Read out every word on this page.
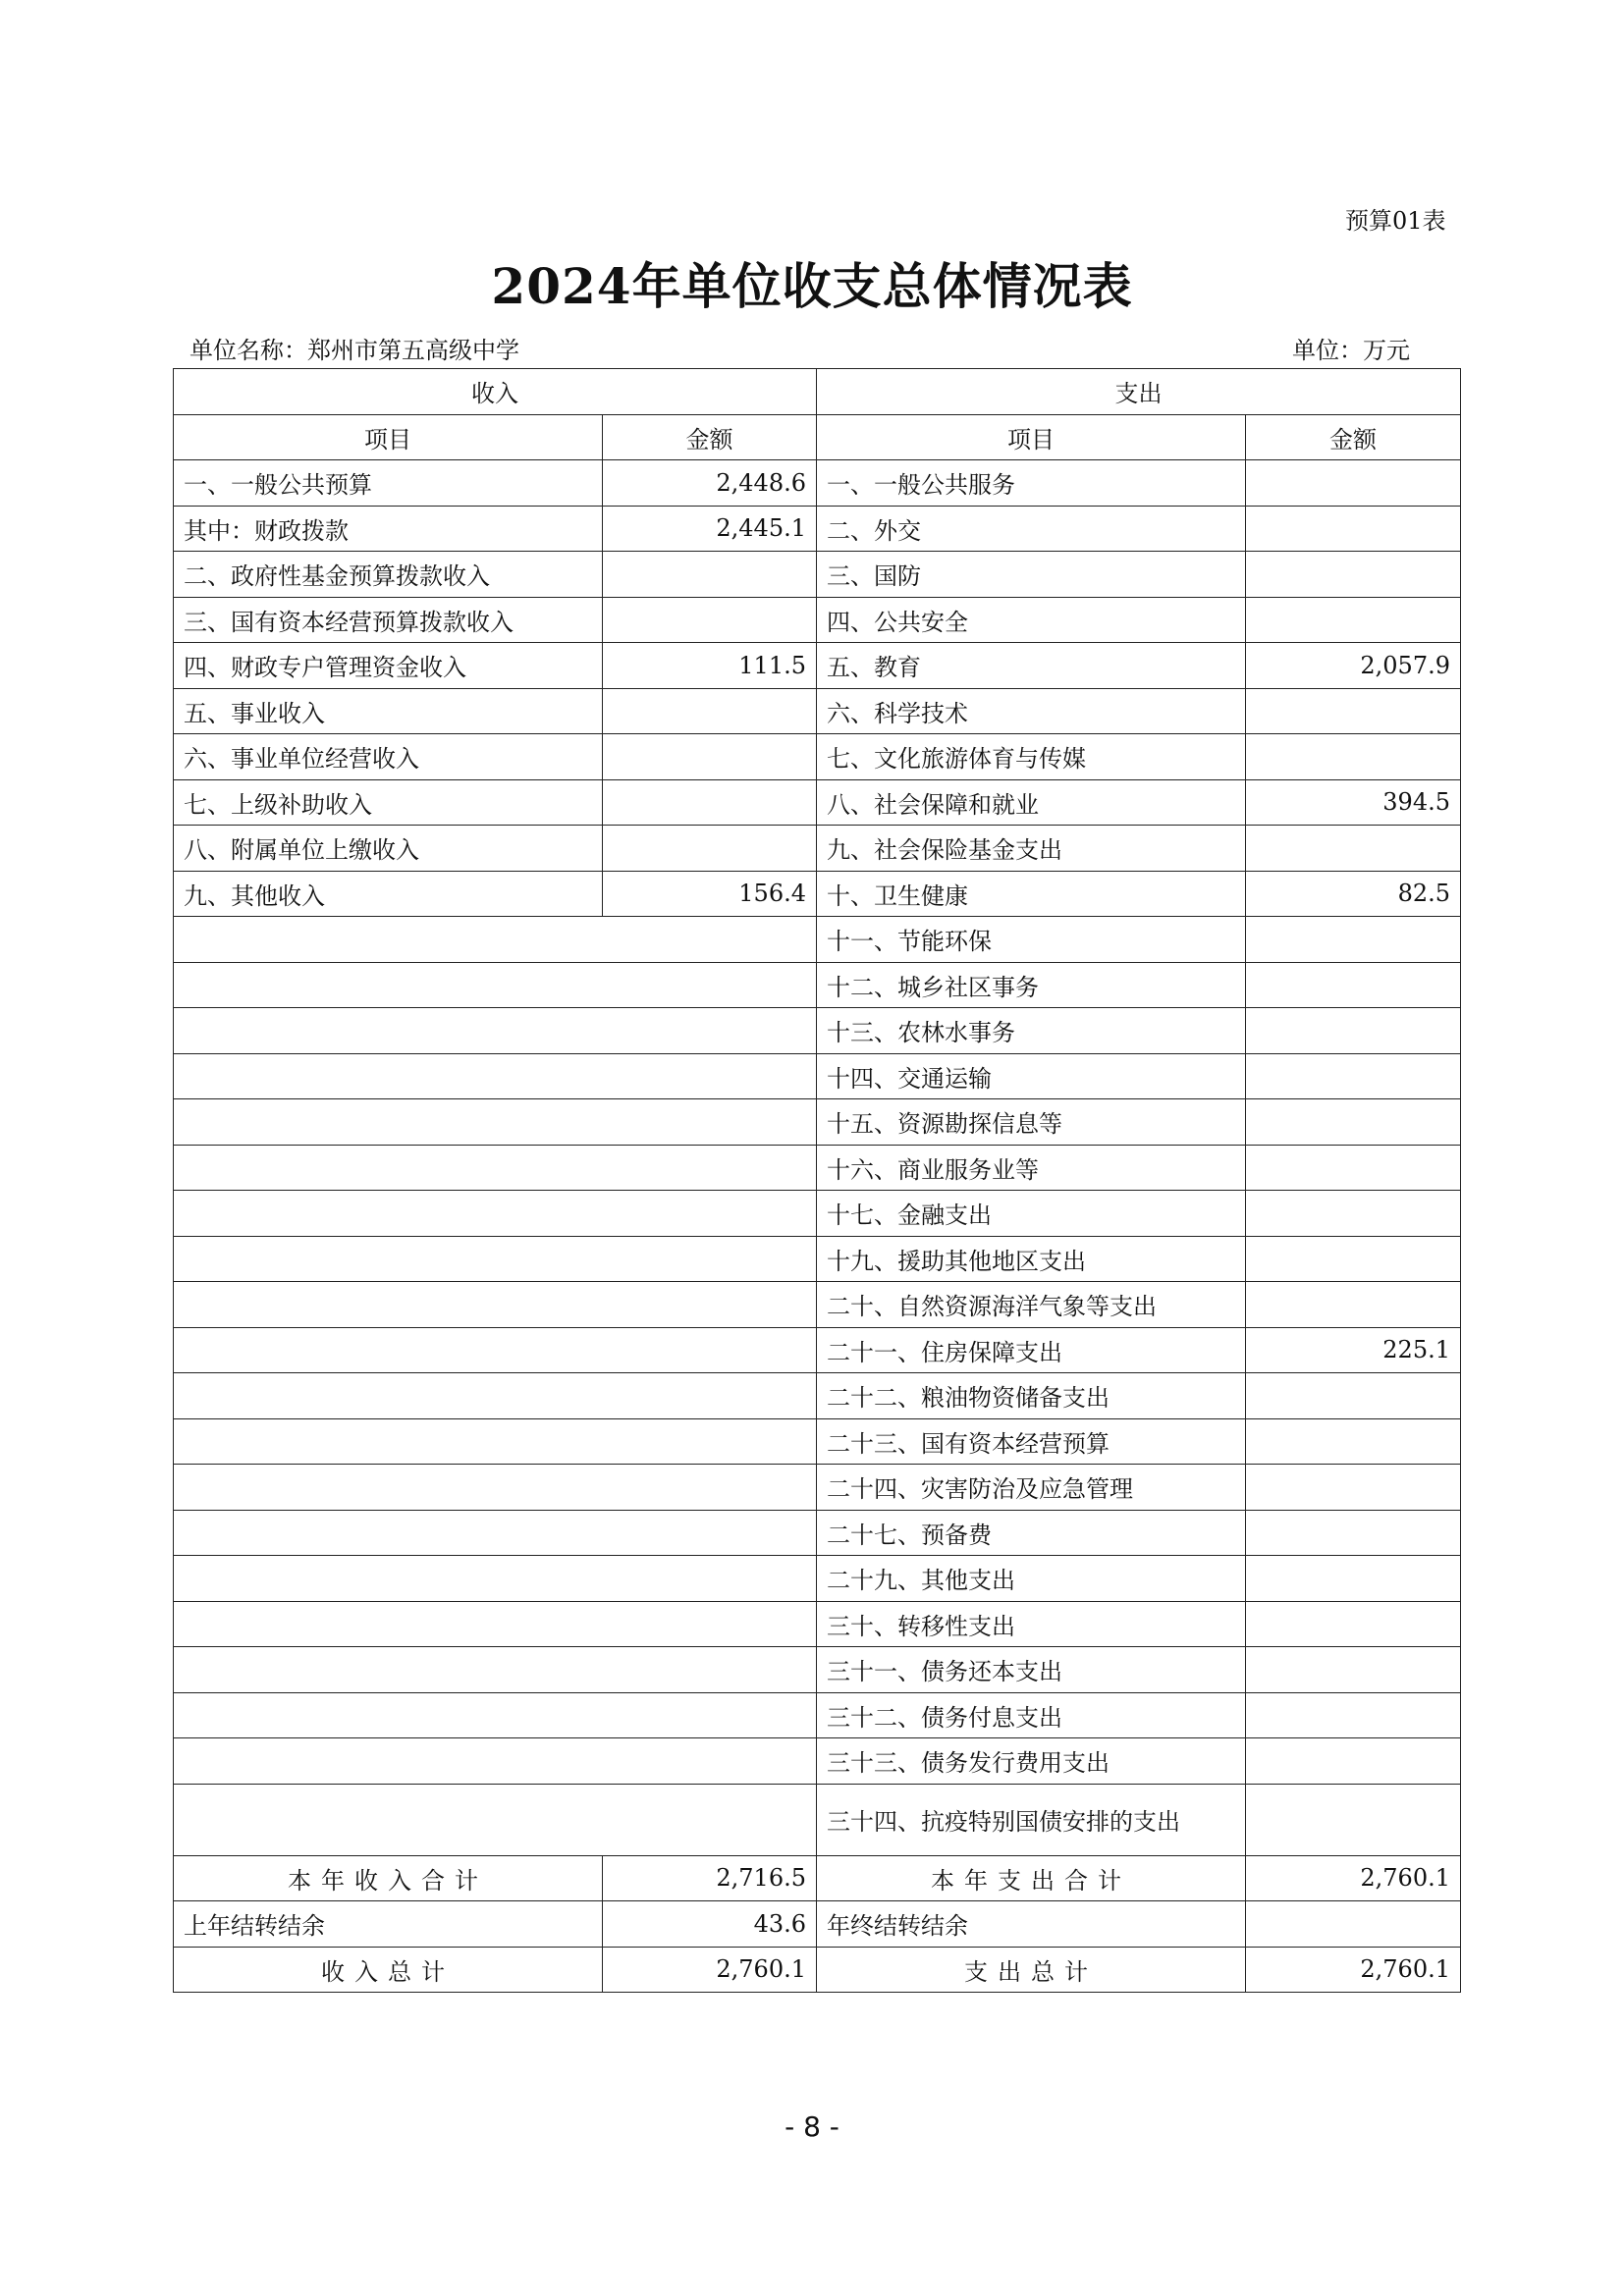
预算01表
2024年单位收支总体情况表
单位名称：郑州市第五高级中学	单位：万元
收入		支出	
项目	金额	项目	金额
一、一般公共预算	2,448.6	一、一般公共服务	
其中：财政拨款	2,445.1	二、外交	
二、政府性基金预算拨款收入		三、国防	
三、国有资本经营预算拨款收入		四、公共安全	
四、财政专户管理资金收入	111.5	五、教育	2,057.9
五、事业收入		六、科学技术	
六、事业单位经营收入		七、文化旅游体育与传媒	
七、上级补助收入		八、社会保障和就业	394.5
八、附属单位上缴收入		九、社会保险基金支出	
九、其他收入	156.4	十、卫生健康	82.5
		十一、节能环保	
		十二、城乡社区事务	
		十三、农林水事务	
		十四、交通运输	
		十五、资源勘探信息等	
		十六、商业服务业等	
		十七、金融支出	
		十九、援助其他地区支出	
		二十、自然资源海洋气象等支出	
		二十一、住房保障支出	225.1
		二十二、粮油物资储备支出	
		二十三、国有资本经营预算	
		二十四、灾害防治及应急管理	
		二十七、预备费	
		二十九、其他支出	
		三十、转移性支出	
		三十一、债务还本支出	
		三十二、债务付息支出	
		三十三、债务发行费用支出	
		三十四、抗疫特别国债安排的支出	
本年收入合计	2,716.5	本年支出合计	2,760.1
上年结转结余	43.6	年终结转结余	
收入总计	2,760.1	支出总计	2,760.1
- 8 -
